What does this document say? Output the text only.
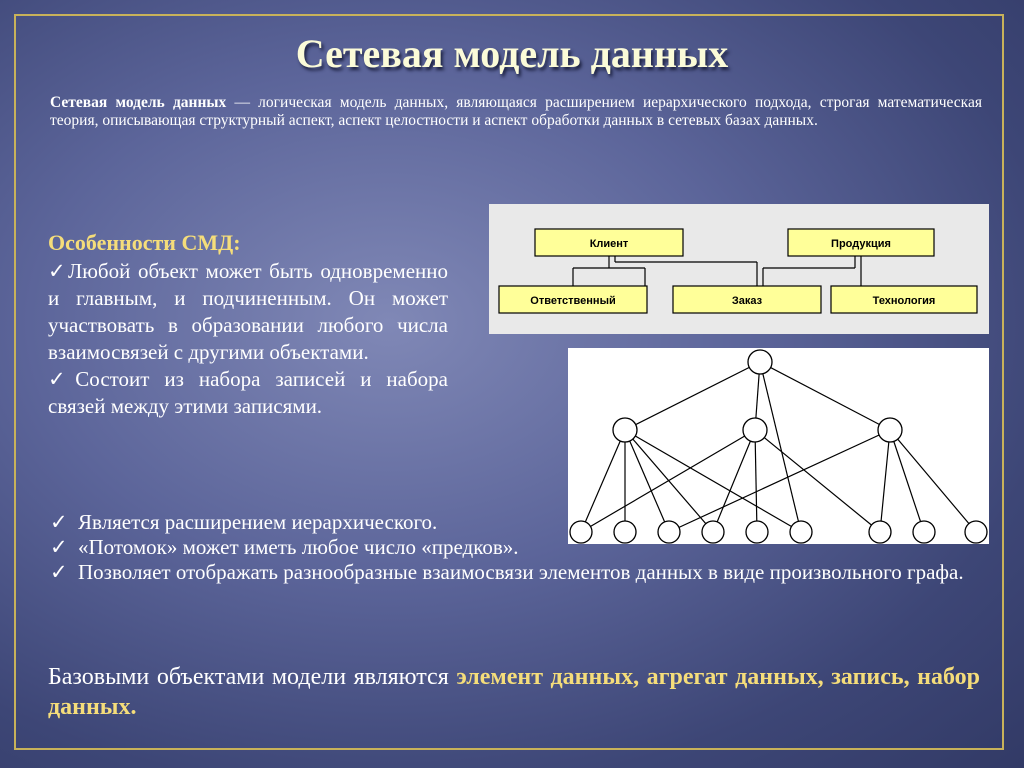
Сетевая модель данных

Сетевая модель данных — логическая модель данных, являющаяся расширением иерархического подхода, строгая математическая теория, описывающая структурный аспект, аспект целостности и аспект обработки данных в сетевых базах данных.

Особенности СМД:
✓Любой объект может быть одновременно и главным, и подчиненным. Он может участвовать в образовании любого числа взаимосвязей с другими объектами.
✓Состоит из набора записей и набора связей между этими записями.
Клиент	Продукция
Ответственный	Заказ	Технология
✓ Является расширением иерархического.
✓ «Потомок» может иметь любое число «предков».
✓ Позволяет отображать разнообразные взаимосвязи элементов данных в виде произвольного графа.

Базовыми объектами модели являются элемент данных, агрегат данных, запись, набор данных.
